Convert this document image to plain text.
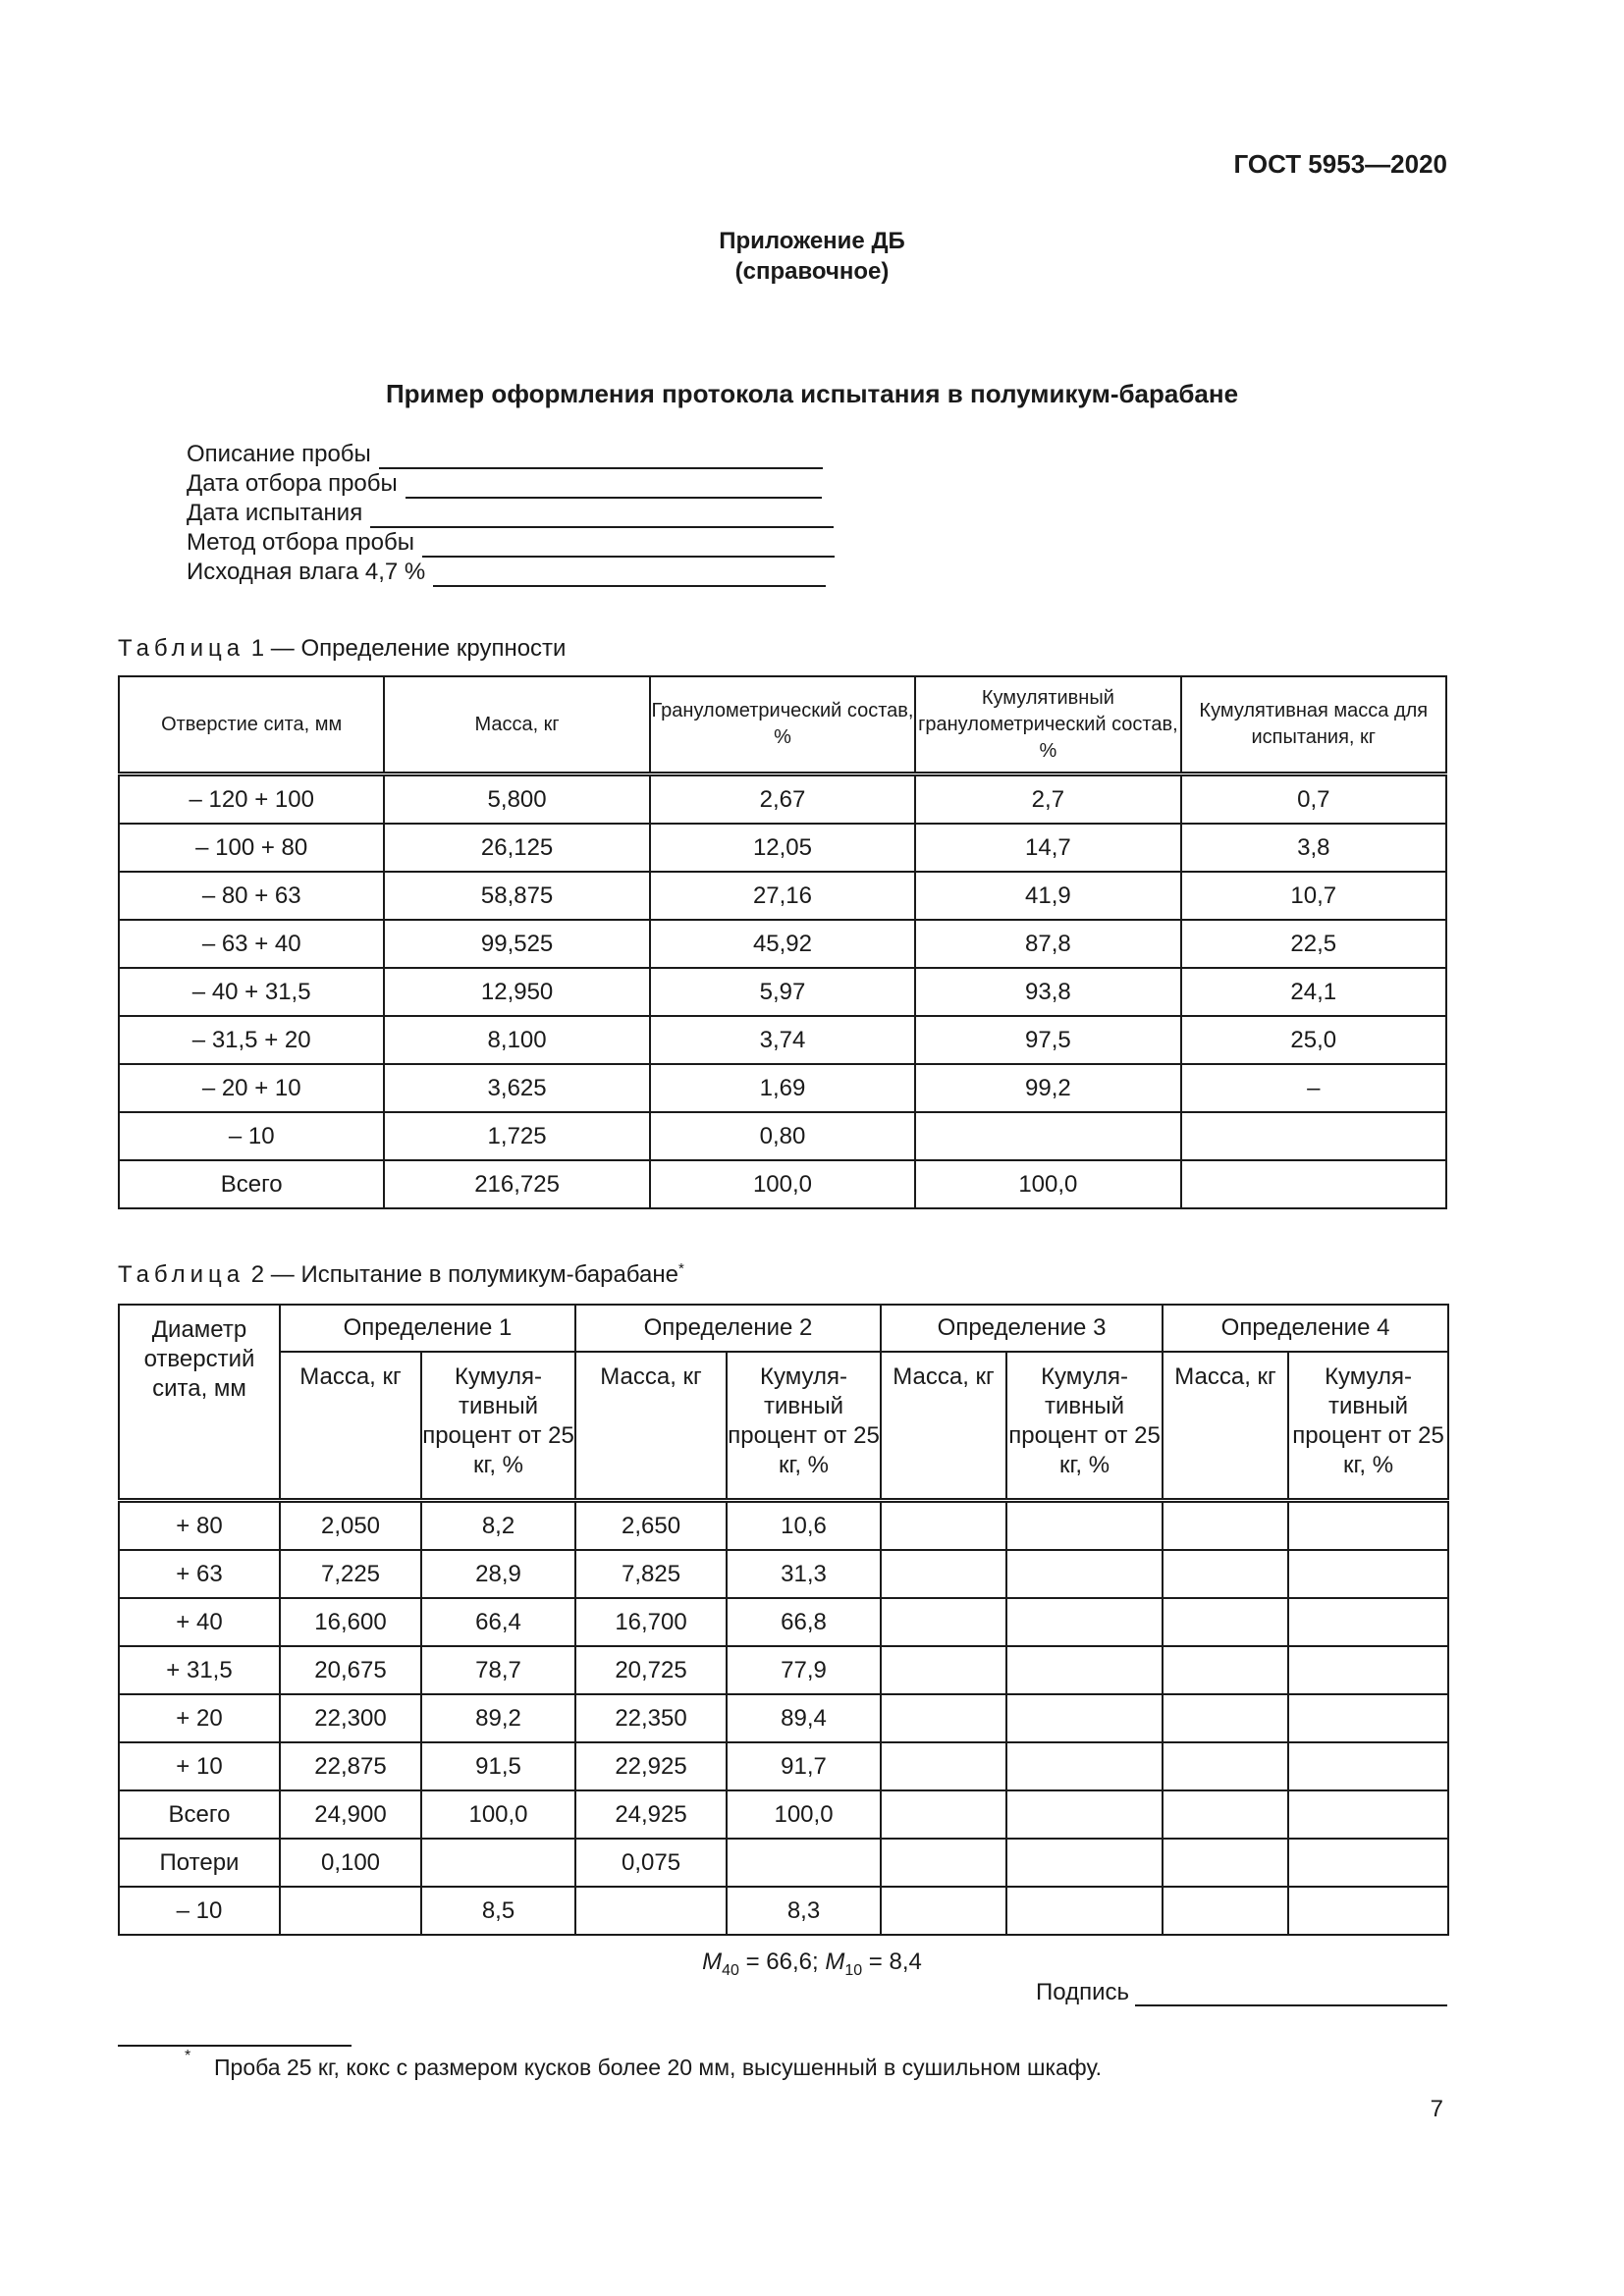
ГОСТ 5953—2020
Приложение ДБ
(справочное)
Пример оформления протокола испытания в полумикум-барабане
Описание пробы
Дата отбора пробы
Дата испытания
Метод отбора пробы
Исходная влага 4,7 %
Таблица 1 — Определение крупности
Отверстие сита, мм	Масса, кг	Гранулометрический состав, %	Кумулятивный гранулометрический состав, %	Кумулятивная масса для испытания, кг
– 120 + 100	5,800	2,67	2,7	0,7
– 100 + 80	26,125	12,05	14,7	3,8
– 80 + 63	58,875	27,16	41,9	10,7
– 63 + 40	99,525	45,92	87,8	22,5
– 40 + 31,5	12,950	5,97	93,8	24,1
– 31,5 + 20	8,100	3,74	97,5	25,0
– 20 + 10	3,625	1,69	99,2	–
– 10	1,725	0,80		
Всего	216,725	100,0	100,0	
Таблица 2 — Испытание в полумикум-барабане*
Диаметр отверстий сита, мм	Определение 1		Определение 2		Определение 3		Определение 4	
	Масса, кг	Кумуля-тивный процент от 25 кг, %	Масса, кг	Кумуля-тивный процент от 25 кг, %	Масса, кг	Кумуля-тивный процент от 25 кг, %	Масса, кг	Кумуля-тивный процент от 25 кг, %
+ 80	2,050	8,2	2,650	10,6				
+ 63	7,225	28,9	7,825	31,3				
+ 40	16,600	66,4	16,700	66,8				
+ 31,5	20,675	78,7	20,725	77,9				
+ 20	22,300	89,2	22,350	89,4				
+ 10	22,875	91,5	22,925	91,7				
Всего	24,900	100,0	24,925	100,0				
Потери	0,100		0,075					
– 10		8,5		8,3				
$M_{40} = 66,6$; $M_{10} = 8,4$
Подпись
* Проба 25 кг, кокс с размером кусков более 20 мм, высушенный в сушильном шкафу.
7
